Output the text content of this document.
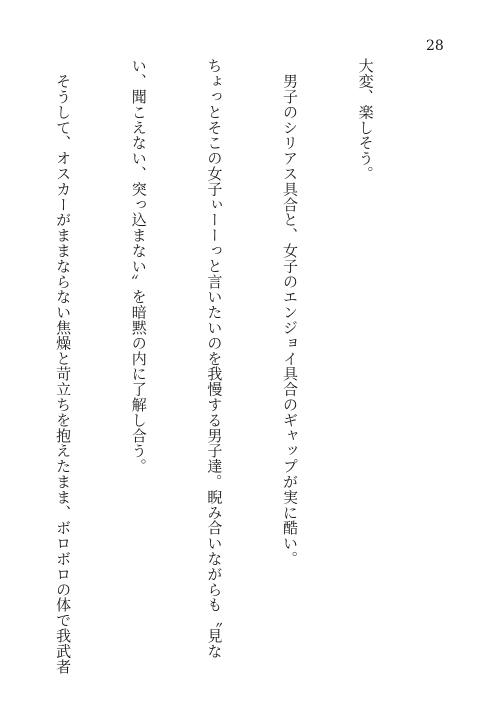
28

大変、楽しそう。

　男子のシリアス具合と、女子のエンジョイ具合のギャップが実に酷い。

ちょっとそこの女子ぃーーっと言いたいのを我慢する男子達。睨み合いながらも〝見な

い、聞こえない、突っ込まない〟を暗黙の内に了解し合う。

　そうして、オスカーがままならない焦燥と苛立ちを抱えたまま、ボロボロの体で我武者
